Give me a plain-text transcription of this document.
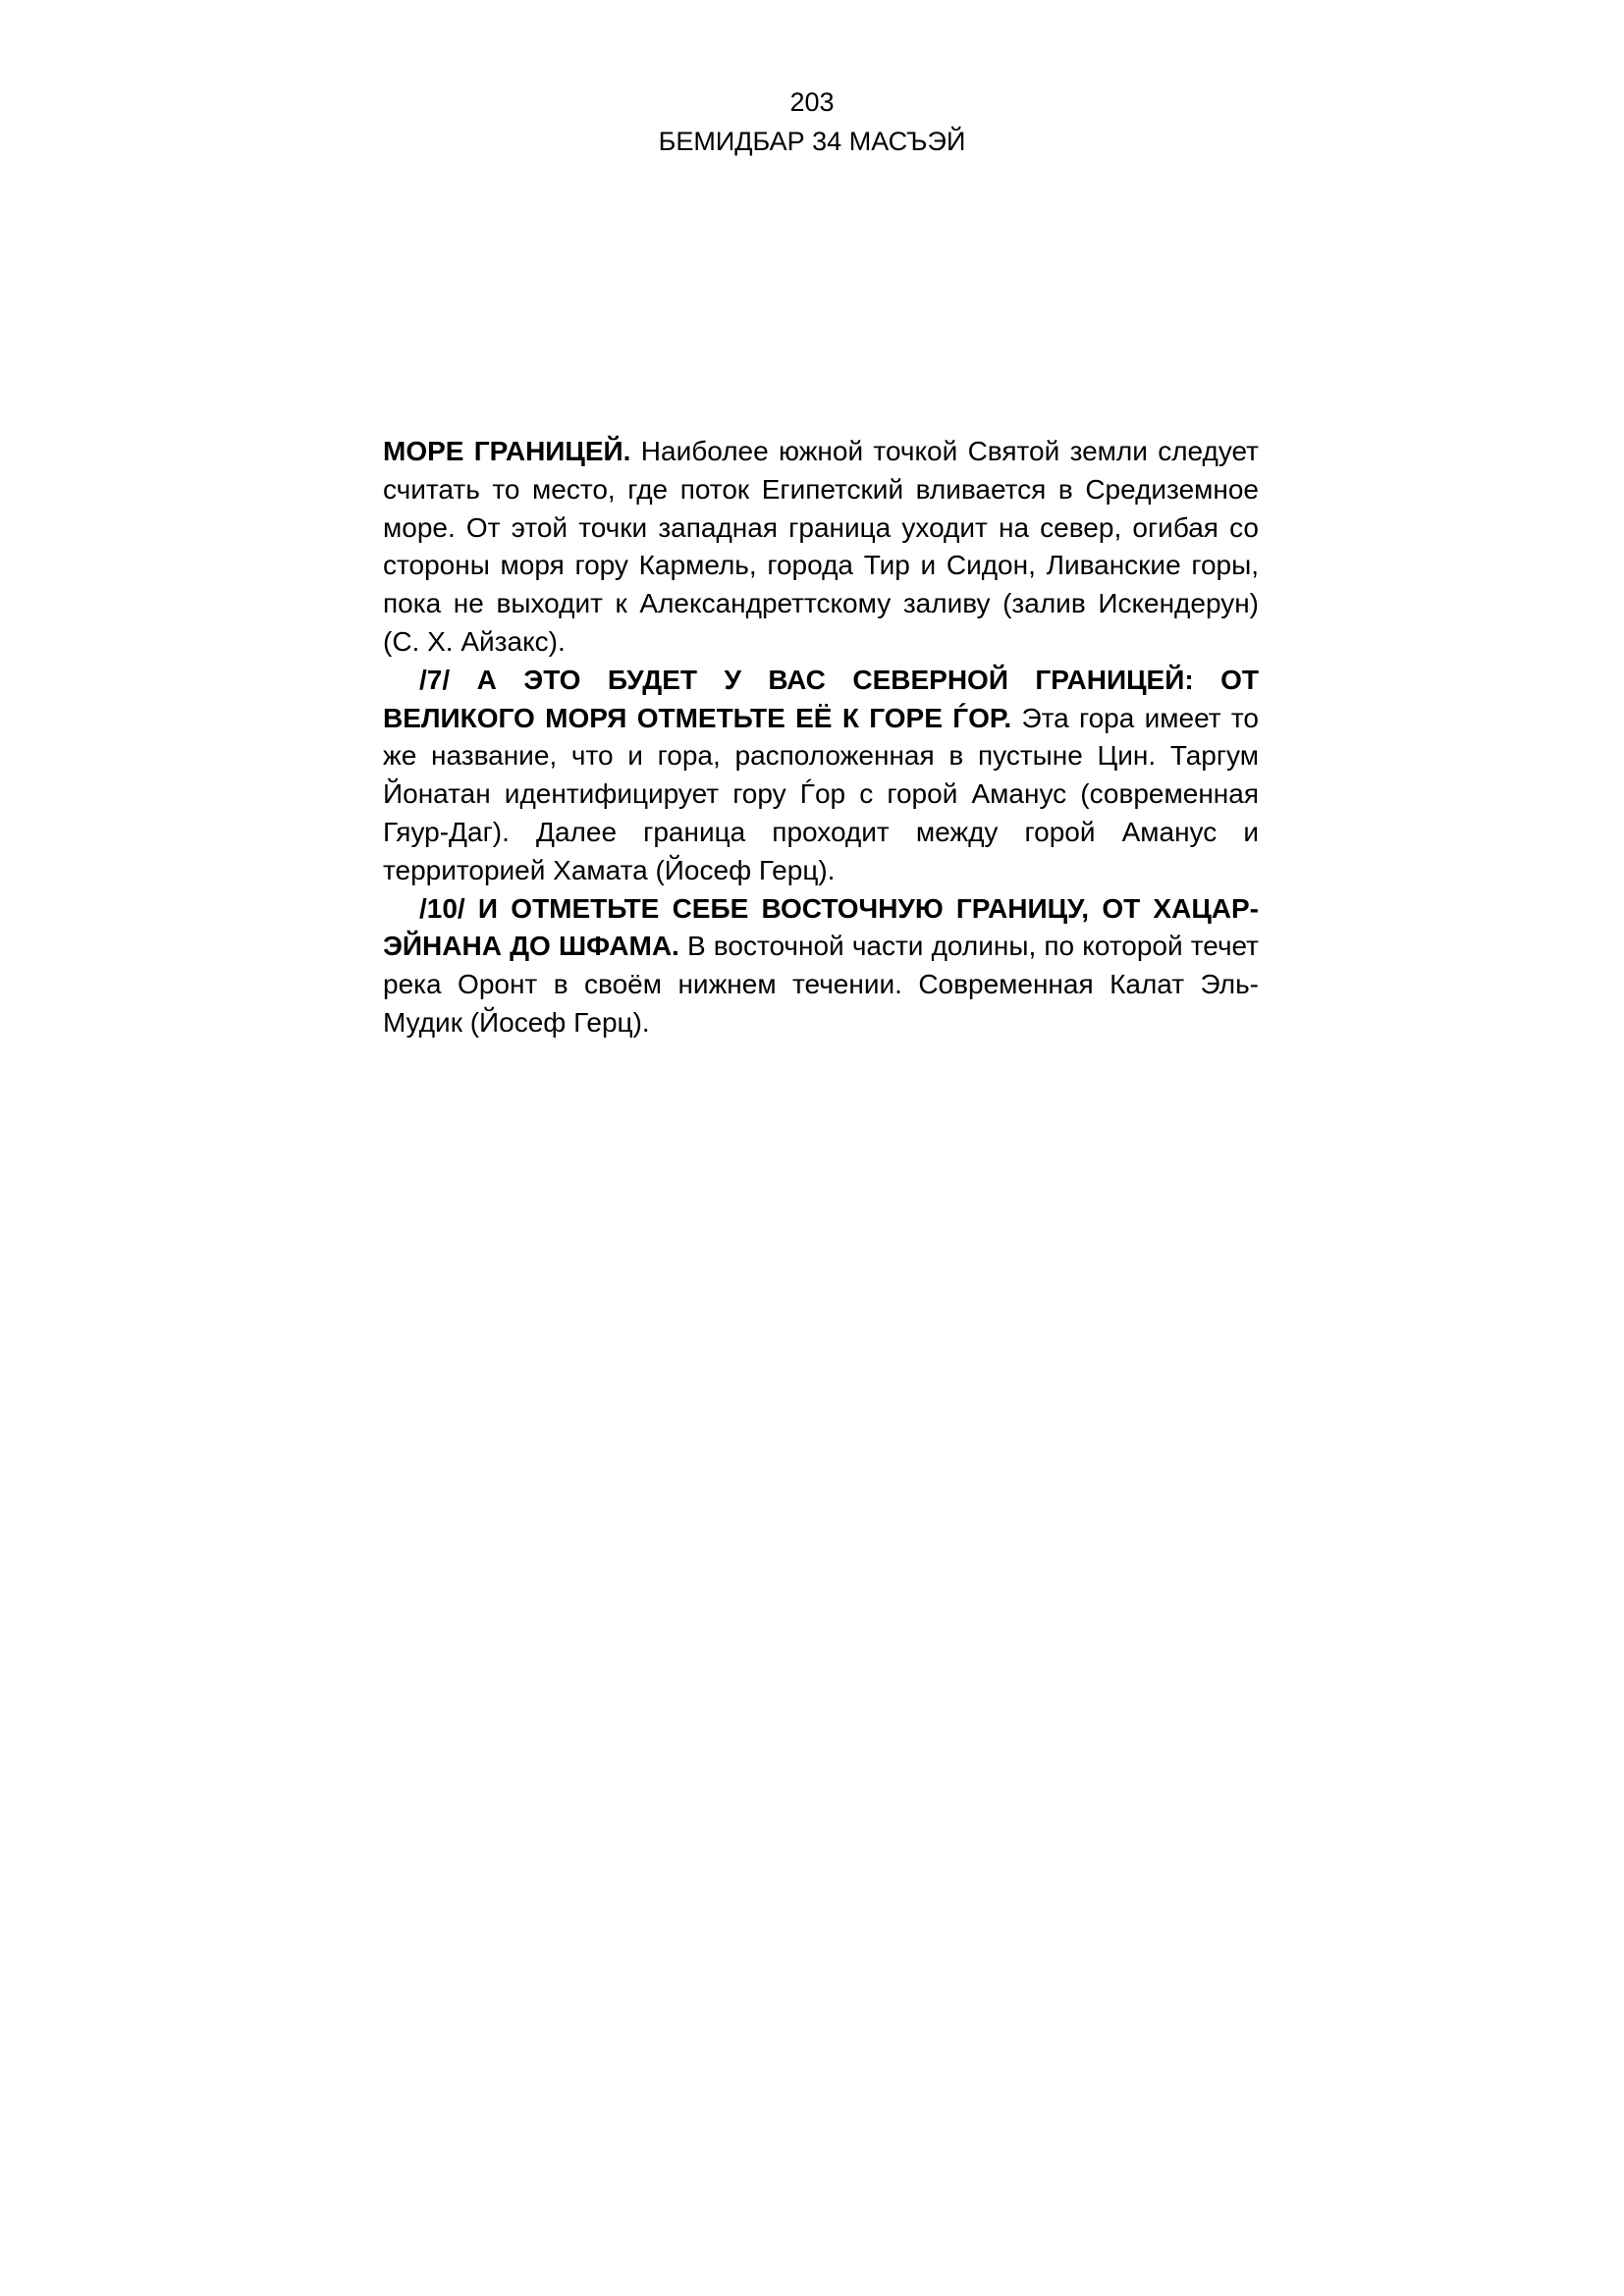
203
БЕМИДБАР 34 МАСЪЭЙ

МОРЕ ГРАНИЦЕЙ. Наиболее южной точкой Святой земли следует считать то место, где поток Египетский вливается в Средиземное море. От этой точки западная граница уходит на север, огибая со стороны моря гору Кармель, города Тир и Сидон, Ливанские горы, пока не выходит к Александреттскому заливу (залив Искендерун) (С. Х. Айзакс).

/7/ А ЭТО БУДЕТ У ВАС СЕВЕРНОЙ ГРАНИЦЕЙ: ОТ ВЕЛИКОГО МОРЯ ОТМЕТЬТЕ ЕЁ К ГОРЕ ЃОР. Эта гора имеет то же название, что и гора, расположенная в пустыне Цин. Таргум Йонатан идентифицирует гору Ѓор с горой Аманус (современная Гяур-Даг). Далее граница проходит между горой Аманус и территорией Хамата (Йосеф Герц).

/10/ И ОТМЕТЬТЕ СЕБЕ ВОСТОЧНУЮ ГРАНИЦУ, ОТ ХАЦАР-ЭЙНАНА ДО ШФАМА. В восточной части долины, по которой течет река Оронт в своём нижнем течении. Современная Калат Эль-Мудик (Йосеф Герц).
